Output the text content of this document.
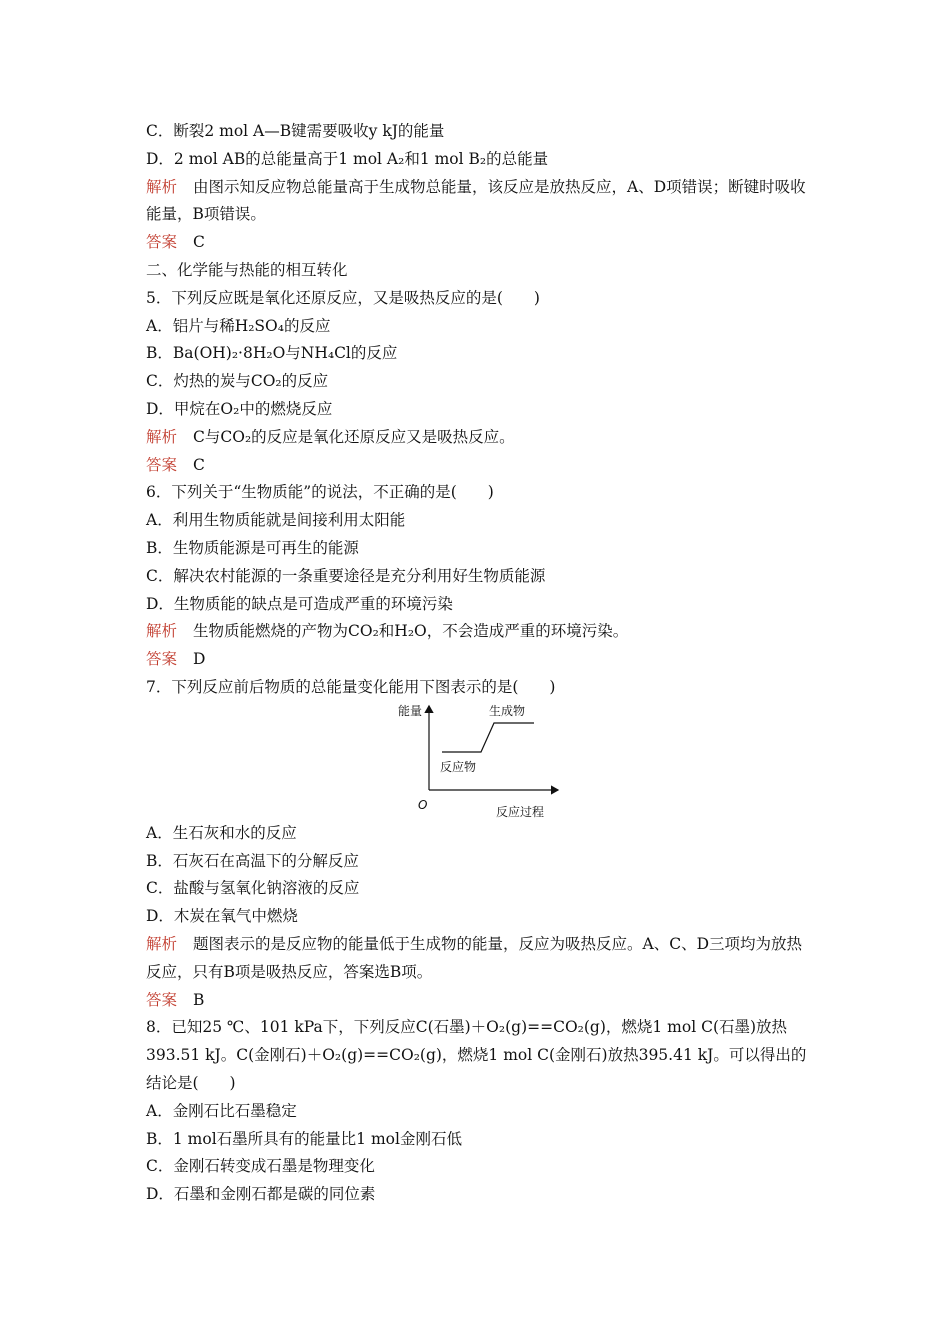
C．断裂2 mol A—B键需要吸收y kJ的能量
D．2 mol AB的总能量高于1 mol A₂和1 mol B₂的总能量
解析 由图示知反应物总能量高于生成物总能量，该反应是放热反应，A、D项错误；断键时吸收能量，B项错误。
答案 C
二、化学能与热能的相互转化
5．下列反应既是氧化还原反应，又是吸热反应的是(　　)
A．铝片与稀H₂SO₄的反应
B．Ba(OH)₂·8H₂O与NH₄Cl的反应
C．灼热的炭与CO₂的反应
D．甲烷在O₂中的燃烧反应
解析 C与CO₂的反应是氧化还原反应又是吸热反应。
答案 C
6．下列关于“生物质能”的说法，不正确的是(　　)
A．利用生物质能就是间接利用太阳能
B．生物质能源是可再生的能源
C．解决农村能源的一条重要途径是充分利用好生物质能源
D．生物质能的缺点是可造成严重的环境污染
解析 生物质能燃烧的产物为CO₂和H₂O，不会造成严重的环境污染。
答案 D
7．下列反应前后物质的总能量变化能用下图表示的是(　　)
能量	生成物
反应物
O	反应过程
A．生石灰和水的反应
B．石灰石在高温下的分解反应
C．盐酸与氢氧化钠溶液的反应
D．木炭在氧气中燃烧
解析 题图表示的是反应物的能量低于生成物的能量，反应为吸热反应。A、C、D三项均为放热反应，只有B项是吸热反应，答案选B项。
答案 B
8．已知25 ℃、101 kPa下，下列反应C(石墨)＋O₂(g)==CO₂(g)，燃烧1 mol C(石墨)放热393.51 kJ。C(金刚石)＋O₂(g)==CO₂(g)，燃烧1 mol C(金刚石)放热395.41 kJ。可以得出的结论是(　　)
A．金刚石比石墨稳定
B．1 mol石墨所具有的能量比1 mol金刚石低
C．金刚石转变成石墨是物理变化
D．石墨和金刚石都是碳的同位素
